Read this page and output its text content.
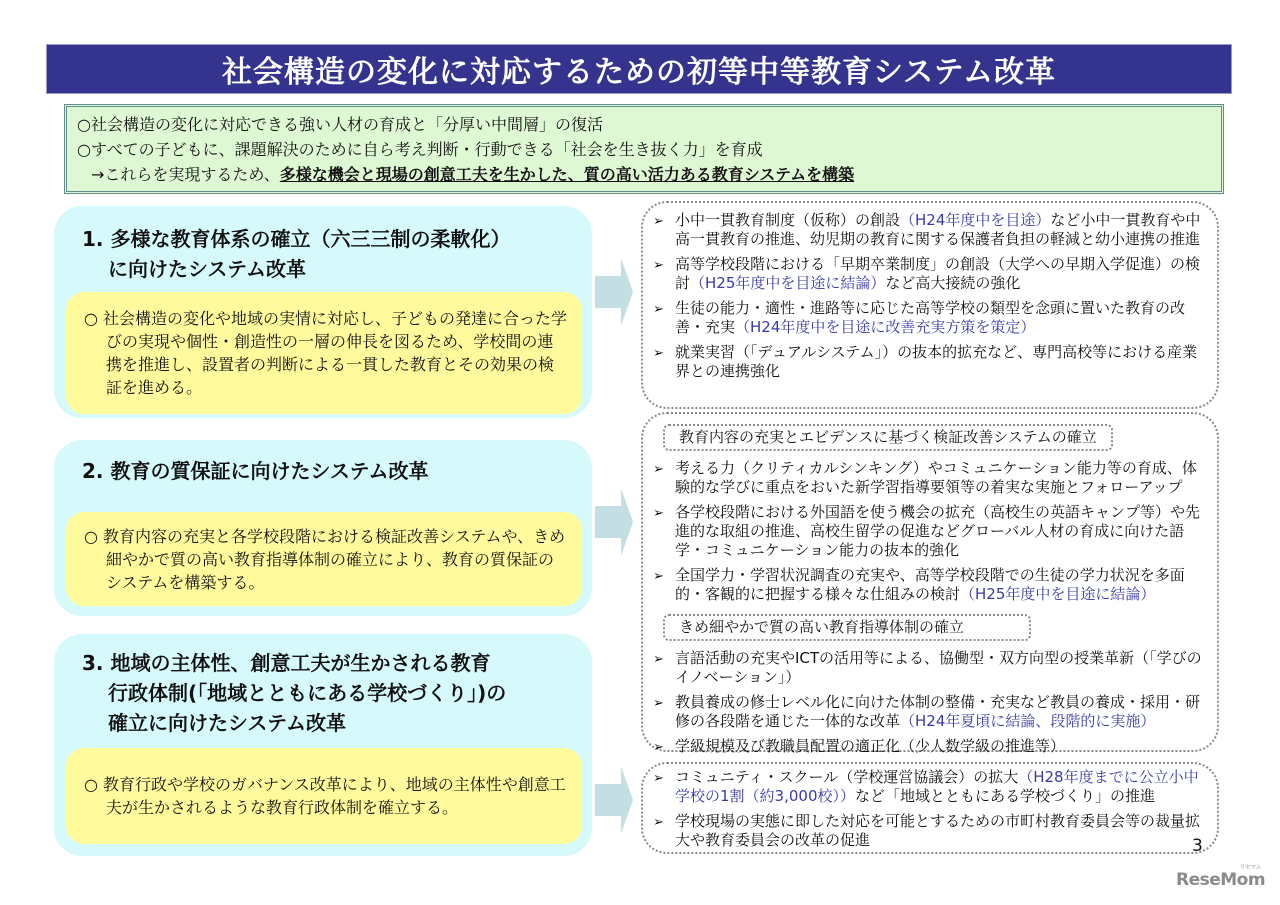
社会構造の変化に対応するための初等中等教育システム改革
○社会構造の変化に対応できる強い人材の育成と「分厚い中間層」の復活
○すべての子どもに、課題解決のために自ら考え判断・行動できる「社会を生き抜く力」を育成
→これらを実現するため、多様な機会と現場の創意工夫を生かした、質の高い活力ある教育システムを構築
1. 多様な教育体系の確立（六三三制の柔軟化）
に向けたシステム改革
○ 社会構造の変化や地域の実情に対応し、子どもの発達に合った学びの実現や個性・創造性の一層の伸長を図るため、学校間の連携を推進し、設置者の判断による一貫した教育とその効果の検証を進める。
2. 教育の質保証に向けたシステム改革
○ 教育内容の充実と各学校段階における検証改善システムや、きめ細やかで質の高い教育指導体制の確立により、教育の質保証のシステムを構築する。
3. 地域の主体性、創意工夫が生かされる教育
行政体制(「地域とともにある学校づくり」)の
確立に向けたシステム改革
○ 教育行政や学校のガバナンス改革により、地域の主体性や創意工夫が生かされるような教育行政体制を確立する。
➢ 小中一貫教育制度（仮称）の創設（H24年度中を目途）など小中一貫教育や中高一貫教育の推進、幼児期の教育に関する保護者負担の軽減と幼小連携の推進
➢ 高等学校段階における「早期卒業制度」の創設（大学への早期入学促進）の検討（H25年度中を目途に結論）など高大接続の強化
➢ 生徒の能力・適性・進路等に応じた高等学校の類型を念頭に置いた教育の改善・充実（H24年度中を目途に改善充実方策を策定）
➢ 就業実習（「デュアルシステム」）の抜本的拡充など、専門高校等における産業界との連携強化
教育内容の充実とエビデンスに基づく検証改善システムの確立
➢ 考える力（クリティカルシンキング）やコミュニケーション能力等の育成、体験的な学びに重点をおいた新学習指導要領等の着実な実施とフォローアップ
➢ 各学校段階における外国語を使う機会の拡充（高校生の英語キャンプ等）や先進的な取組の推進、高校生留学の促進などグローバル人材の育成に向けた語学・コミュニケーション能力の抜本的強化
➢ 全国学力・学習状況調査の充実や、高等学校段階での生徒の学力状況を多面的・客観的に把握する様々な仕組みの検討（H25年度中を目途に結論）
きめ細やかで質の高い教育指導体制の確立
➢ 言語活動の充実やICTの活用等による、協働型・双方向型の授業革新（「学びのイノベーション」）
➢ 教員養成の修士レベル化に向けた体制の整備・充実など教員の養成・採用・研修の各段階を通じた一体的な改革（H24年夏頃に結論、段階的に実施）
➢ 学級規模及び教職員配置の適正化（少人数学級の推進等）
➢ コミュニティ・スクール（学校運営協議会）の拡大（H28年度までに公立小中学校の1割（約3,000校））など「地域とともにある学校づくり」の推進
➢ 学校現場の実態に即した対応を可能とするための市町村教育委員会等の裁量拡大や教育委員会の改革の促進	3
リセマム
ReseMom
